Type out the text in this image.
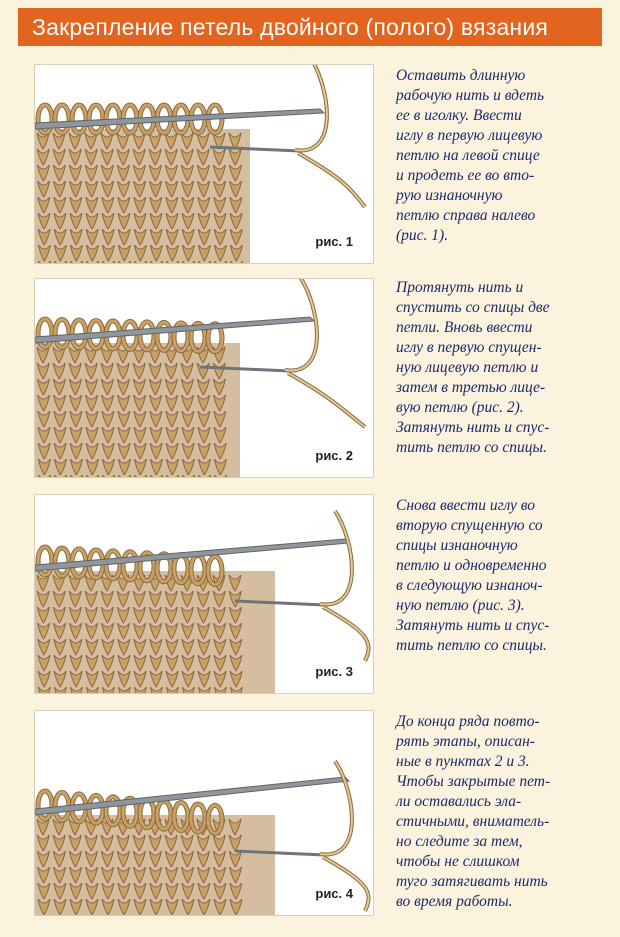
Закрепление петель двойного (полого) вязания
рис. 1
Оставить длинную
рабочую нить и вдеть
ее в иголку. Ввести
иглу в первую лицевую
петлю на левой спице
и продеть ее во вто-
рую изнаночную
петлю справа налево
(рис. 1).
рис. 2
Протянуть нить и
спустить со спицы две
петли. Вновь ввести
иглу в первую спущен-
ную лицевую петлю и
затем в третью лице-
вую петлю (рис. 2).
Затянуть нить и спус-
тить петлю со спицы.
рис. 3
Снова ввести иглу во
вторую спущенную со
спицы изнаночную
петлю и одновременно
в следующую изнаноч-
ную петлю (рис. 3).
Затянуть нить и спус-
тить петлю со спицы.
рис. 4
До конца ряда повто-
рять этапы, описан-
ные в пунктах 2 и 3.
Чтобы закрытые пет-
ли оставались эла-
стичными, вниматель-
но следите за тем,
чтобы не слишком
туго затягивать нить
во время работы.
